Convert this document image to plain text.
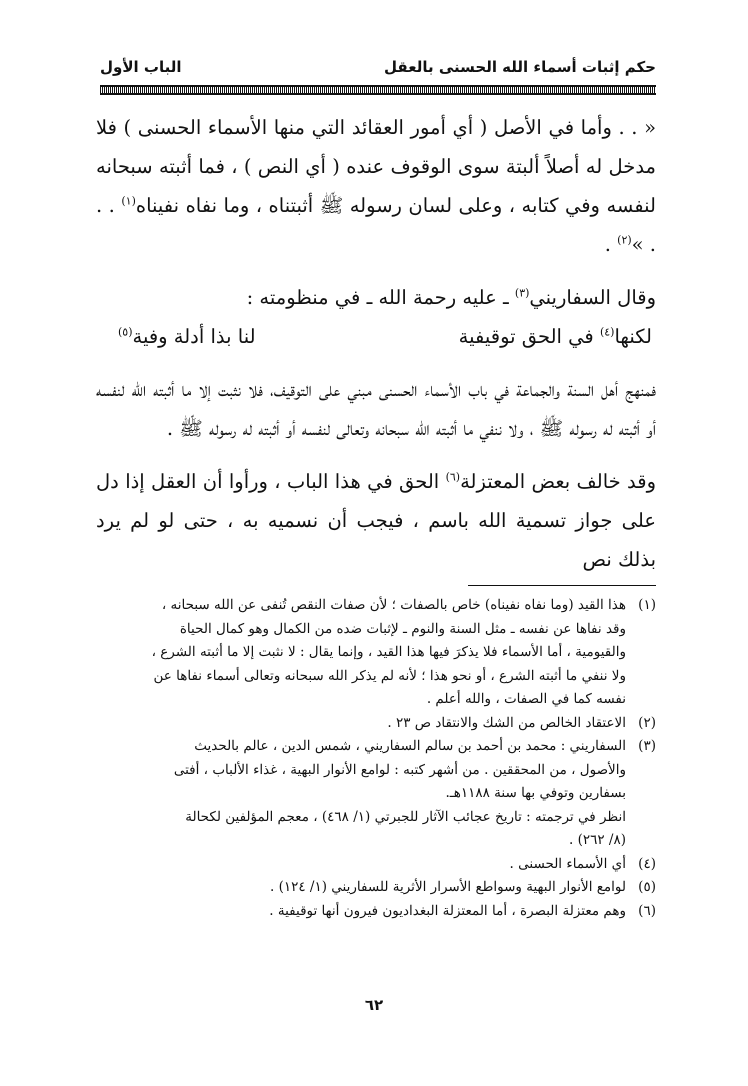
حكم إثبات أسماء الله الحسنى بالعقل
الباب الأول

« . . وأما في الأصل ( أي أمور العقائد التي منها الأسماء الحسنى ) فلا مدخل له أصلاً ألبتة سوى الوقوف عنده ( أي النص ) ، فما أثبته سبحانه لنفسه وفي كتابه ، وعلى لسان رسوله ﷺ أثبتناه ، وما نفاه نفيناه$^{(١)}$ . . . »$^{(٢)}$ .

وقال السفاريني$^{(٣)}$ ـ عليه رحمة الله ـ في منظومته :

لكنها$^{(٤)}$ في الحق توقيفية
لنا بذا أدلة وفية$^{(٥)}$

فمنهج أهل السنة والجماعة في باب الأسماء الحسنى مبني على التوقيف، فلا نثبت إلا ما أثبته الله لنفسه أو أثبته له رسوله ﷺ ، ولا ننفي ما أثبته الله سبحانه وتعالى لنفسه أو أثبته له رسوله ﷺ .

وقد خالف بعض المعتزلة$^{(٦)}$ الحق في هذا الباب ، ورأوا أن العقل إذا دل على جواز تسمية الله باسم ، فيجب أن نسميه به ، حتى لو لم يرد بذلك نص

(١)
هذا القيد (وما نفاه نفيناه) خاص بالصفات ؛ لأن صفات النقص تُنفى عن الله سبحانه ،
وقد نفاها عن نفسه ـ مثل السنة والنوم ـ لإثبات ضده من الكمال وهو كمال الحياة
والقيومية ، أما الأسماء فلا يذكرَ فيها هذا القيد ، وإنما يقال : لا نثبت إلا ما أثبته الشرع ،
ولا ننفي ما أثبته الشرع ، أو نحو هذا ؛ لأنه لم يذكر الله سبحانه وتعالى أسماء نفاها عن
نفسه كما في الصفات ، والله أعلم .
(٢)
الاعتقاد الخالص من الشك والانتقاد ص ٢٣ .
(٣)
السفاريني : محمد بن أحمد بن سالم السفاريني ، شمس الدين ، عالم بالحديث
والأصول ، من المحققين . من أشهر كتبه : لوامع الأنوار البهية ، غذاء الألباب ، أفتى
بسفارين وتوفي بها سنة ١١٨٨هـ.
انظر في ترجمته : تاريخ عجائب الآثار للجبرتي (١/ ٤٦٨) ، معجم المؤلفين لكحالة
(٨/ ٢٦٢) .
(٤)
أي الأسماء الحسنى .
(٥)
لوامع الأنوار البهية وسواطع الأسرار الأثرية للسفاريني (١/ ١٢٤) .
(٦)
وهم معتزلة البصرة ، أما المعتزلة البغداديون فيرون أنها توقيفية .
٦٢
